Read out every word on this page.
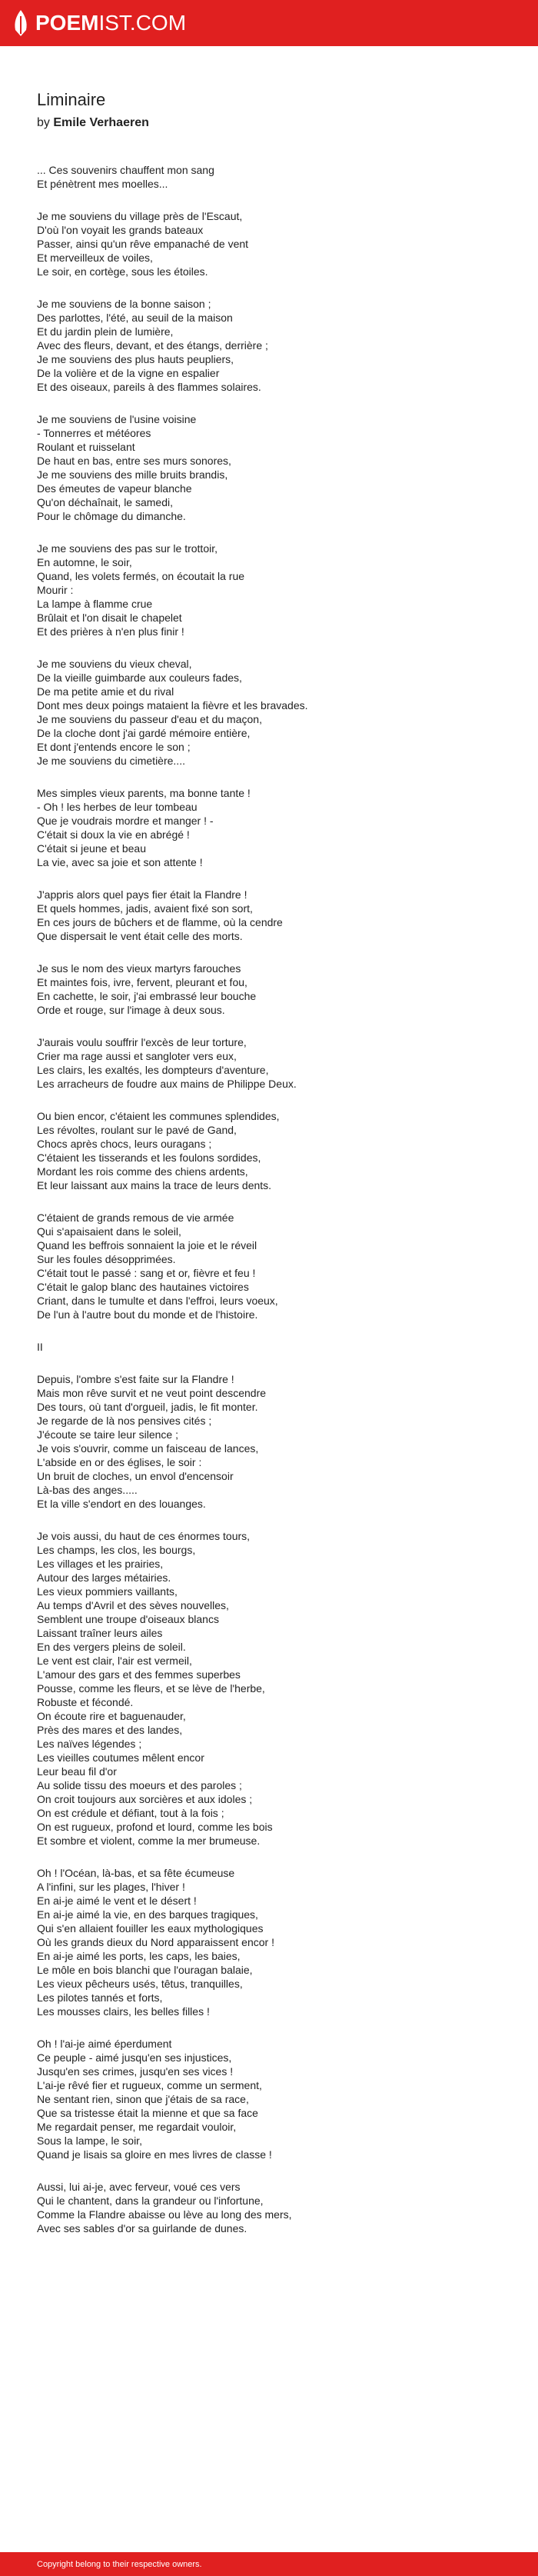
POEMIST.COM
Liminaire
by Emile Verhaeren
... Ces souvenirs chauffent mon sang
Et pénètrent mes moelles...
Je me souviens du village près de l'Escaut,
D'où l'on voyait les grands bateaux
Passer, ainsi qu'un rêve empanaché de vent
Et merveilleux de voiles,
Le soir, en cortège, sous les étoiles.
Je me souviens de la bonne saison ;
Des parlottes, l'été, au seuil de la maison
Et du jardin plein de lumière,
Avec des fleurs, devant, et des étangs, derrière ;
Je me souviens des plus hauts peupliers,
De la volière et de la vigne en espalier
Et des oiseaux, pareils à des flammes solaires.
Je me souviens de l'usine voisine
- Tonnerres et météores
Roulant et ruisselant
De haut en bas, entre ses murs sonores,
Je me souviens des mille bruits brandis,
Des émeutes de vapeur blanche
Qu'on déchaînait, le samedi,
Pour le chômage du dimanche.
Je me souviens des pas sur le trottoir,
En automne, le soir,
Quand, les volets fermés, on écoutait la rue
Mourir :
La lampe à flamme crue
Brûlait et l'on disait le chapelet
Et des prières à n'en plus finir !
Je me souviens du vieux cheval,
De la vieille guimbarde aux couleurs fades,
De ma petite amie et du rival
Dont mes deux poings mataient la fièvre et les bravades.
Je me souviens du passeur d'eau et du maçon,
De la cloche dont j'ai gardé mémoire entière,
Et dont j'entends encore le son ;
Je me souviens du cimetière....
Mes simples vieux parents, ma bonne tante !
- Oh ! les herbes de leur tombeau
Que je voudrais mordre et manger ! -
C'était si doux la vie en abrégé !
C'était si jeune et beau
La vie, avec sa joie et son attente !
J'appris alors quel pays fier était la Flandre !
Et quels hommes, jadis, avaient fixé son sort,
En ces jours de bûchers et de flamme, où la cendre
Que dispersait le vent était celle des morts.
Je sus le nom des vieux martyrs farouches
Et maintes fois, ivre, fervent, pleurant et fou,
En cachette, le soir, j'ai embrassé leur bouche
Orde et rouge, sur l'image à deux sous.
J'aurais voulu souffrir l'excès de leur torture,
Crier ma rage aussi et sangloter vers eux,
Les clairs, les exaltés, les dompteurs d'aventure,
Les arracheurs de foudre aux mains de Philippe Deux.
Ou bien encor, c'étaient les communes splendides,
Les révoltes, roulant sur le pavé de Gand,
Chocs après chocs, leurs ouragans ;
C'étaient les tisserands et les foulons sordides,
Mordant les rois comme des chiens ardents,
Et leur laissant aux mains la trace de leurs dents.
C'étaient de grands remous de vie armée
Qui s'apaisaient dans le soleil,
Quand les beffrois sonnaient la joie et le réveil
Sur les foules désopprimées.
C'était tout le passé : sang et or, fièvre et feu !
C'était le galop blanc des hautaines victoires
Criant, dans le tumulte et dans l'effroi, leurs voeux,
De l'un à l'autre bout du monde et de l'histoire.
II
Depuis, l'ombre s'est faite sur la Flandre !
Mais mon rêve survit et ne veut point descendre
Des tours, où tant d'orgueil, jadis, le fit monter.
Je regarde de là nos pensives cités ;
J'écoute se taire leur silence ;
Je vois s'ouvrir, comme un faisceau de lances,
L'abside en or des églises, le soir :
Un bruit de cloches, un envol d'encensoir
Là-bas des anges.....
Et la ville s'endort en des louanges.
Je vois aussi, du haut de ces énormes tours,
Les champs, les clos, les bourgs,
Les villages et les prairies,
Autour des larges métairies.
Les vieux pommiers vaillants,
Au temps d'Avril et des sèves nouvelles,
Semblent une troupe d'oiseaux blancs
Laissant traîner leurs ailes
En des vergers pleins de soleil.
Le vent est clair, l'air est vermeil,
L'amour des gars et des femmes superbes
Pousse, comme les fleurs, et se lève de l'herbe,
Robuste et fécondé.
On écoute rire et baguenauder,
Près des mares et des landes,
Les naïves légendes ;
Les vieilles coutumes mêlent encor
Leur beau fil d'or
Au solide tissu des moeurs et des paroles ;
On croit toujours aux sorcières et aux idoles ;
On est crédule et défiant, tout à la fois ;
On est rugueux, profond et lourd, comme les bois
Et sombre et violent, comme la mer brumeuse.
Oh ! l'Océan, là-bas, et sa fête écumeuse
A l'infini, sur les plages, l'hiver !
En ai-je aimé le vent et le désert !
En ai-je aimé la vie, en des barques tragiques,
Qui s'en allaient fouiller les eaux mythologiques
Où les grands dieux du Nord apparaissent encor !
En ai-je aimé les ports, les caps, les baies,
Le môle en bois blanchi que l'ouragan balaie,
Les vieux pêcheurs usés, têtus, tranquilles,
Les pilotes tannés et forts,
Les mousses clairs, les belles filles !
Oh ! l'ai-je aimé éperdument
Ce peuple - aimé jusqu'en ses injustices,
Jusqu'en ses crimes, jusqu'en ses vices !
L'ai-je rêvé fier et rugueux, comme un serment,
Ne sentant rien, sinon que j'étais de sa race,
Que sa tristesse était la mienne et que sa face
Me regardait penser, me regardait vouloir,
Sous la lampe, le soir,
Quand je lisais sa gloire en mes livres de classe !
Aussi, lui ai-je, avec ferveur, voué ces vers
Qui le chantent, dans la grandeur ou l'infortune,
Comme la Flandre abaisse ou lève au long des mers,
Avec ses sables d'or sa guirlande de dunes.
Copyright belong to their respective owners.
